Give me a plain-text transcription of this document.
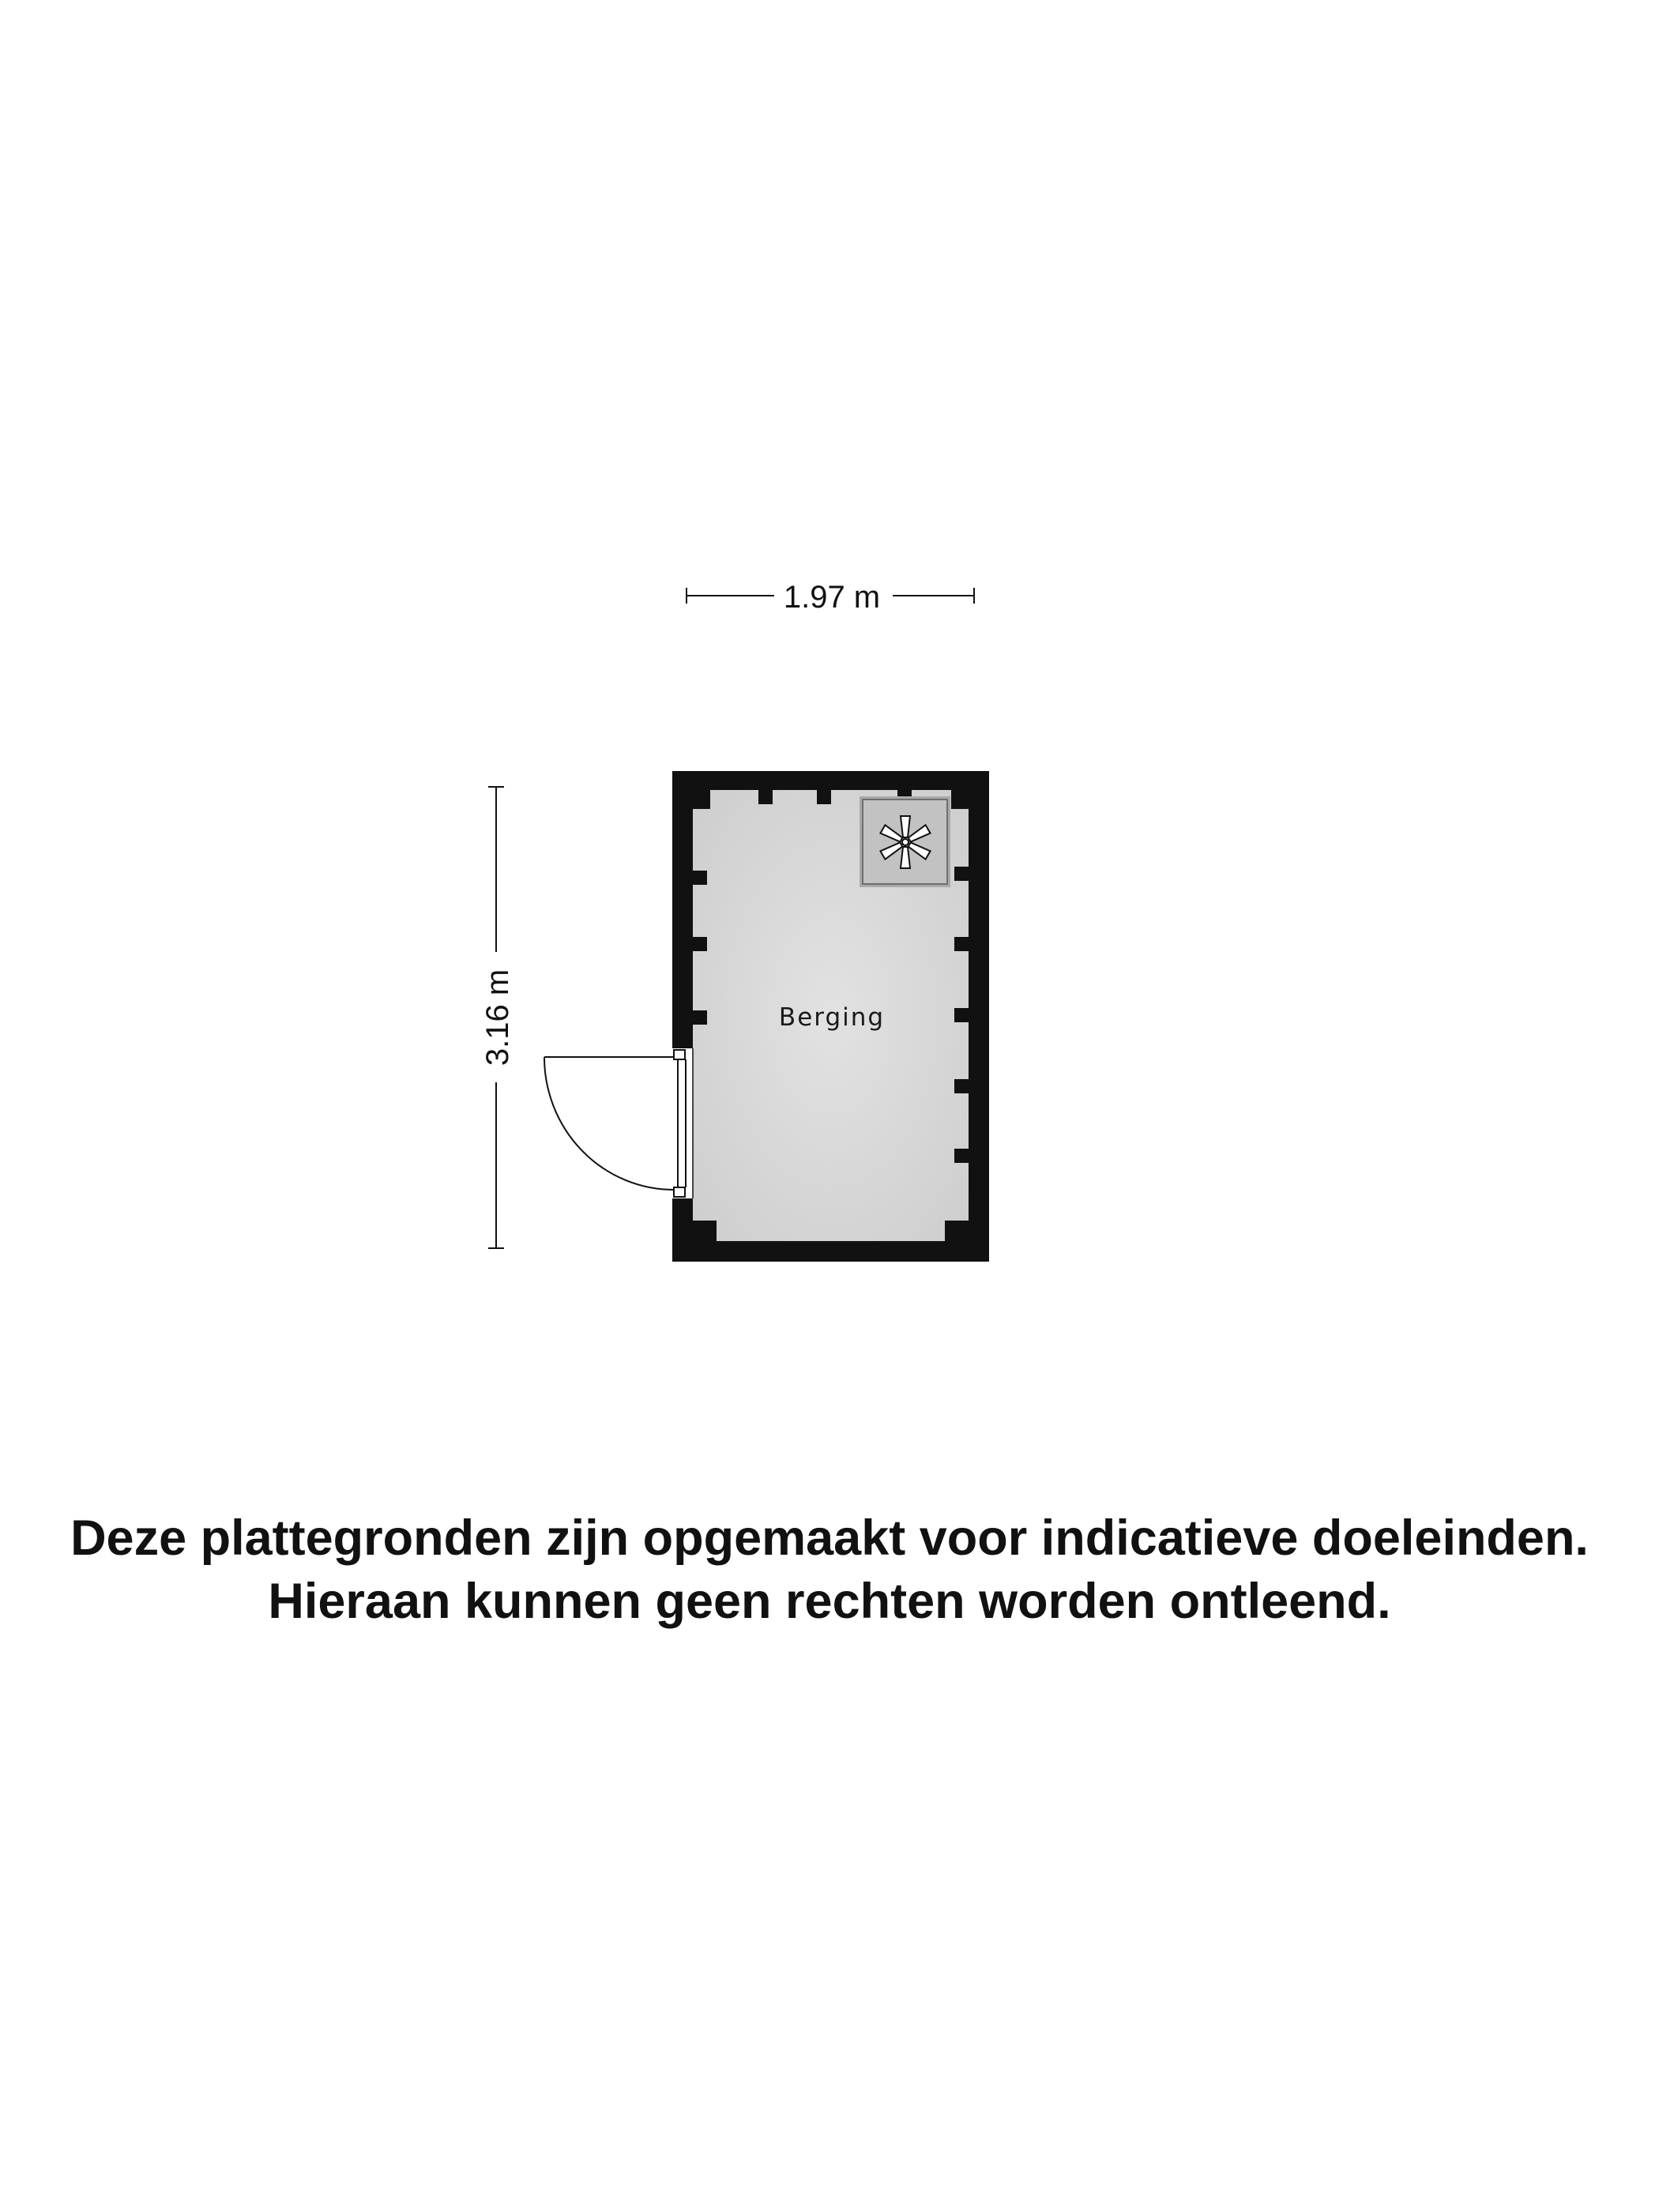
1.97 m
3.16 m	Berging
Deze plattegronden zijn opgemaakt voor indicatieve doeleinden.
Hieraan kunnen geen rechten worden ontleend.
